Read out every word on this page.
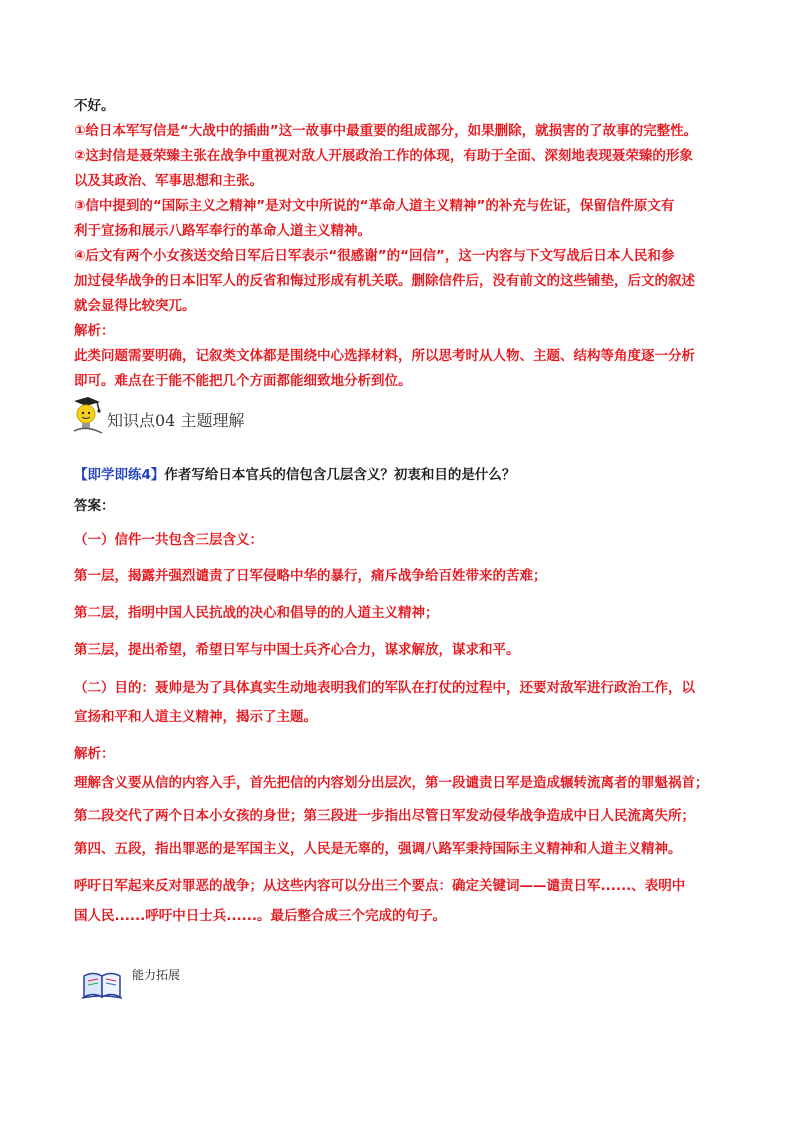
不好。
①给日本军写信是“大战中的插曲”这一故事中最重要的组成部分，如果删除，就损害的了故事的完整性。
②这封信是聂荣臻主张在战争中重视对敌人开展政治工作的体现，有助于全面、深刻地表现聂荣臻的形象
以及其政治、军事思想和主张。
③信中提到的“国际主义之精神”是对文中所说的“革命人道主义精神”的补充与佐证，保留信件原文有
利于宣扬和展示八路军奉行的革命人道主义精神。
④后文有两个小女孩送交给日军后日军表示“很感谢”的“回信”，这一内容与下文写战后日本人民和参
加过侵华战争的日本旧军人的反省和悔过形成有机关联。删除信件后，没有前文的这些铺垫，后文的叙述
就会显得比较突兀。
解析：
此类问题需要明确，记叙类文体都是围绕中心选择材料，所以思考时从人物、主题、结构等角度逐一分析
即可。难点在于能不能把几个方面都能细致地分析到位。
知识点04 主题理解
【即学即练4】作者写给日本官兵的信包含几层含义？初衷和目的是什么？
答案：
（一）信件一共包含三层含义：
第一层，揭露并强烈谴责了日军侵略中华的暴行，痛斥战争给百姓带来的苦难；
第二层，指明中国人民抗战的决心和倡导的的人道主义精神；
第三层，提出希望，希望日军与中国士兵齐心合力，谋求解放，谋求和平。
（二）目的：聂帅是为了具体真实生动地表明我们的军队在打仗的过程中，还要对敌军进行政治工作，以
宣扬和平和人道主义精神，揭示了主题。
解析：
理解含义要从信的内容入手，首先把信的内容划分出层次，第一段谴责日军是造成辗转流离者的罪魁祸首；
第二段交代了两个日本小女孩的身世；第三段进一步指出尽管日军发动侵华战争造成中日人民流离失所；
第四、五段，指出罪恶的是军国主义，人民是无辜的，强调八路军秉持国际主义精神和人道主义精神。
呼吁日军起来反对罪恶的战争；从这些内容可以分出三个要点：确定关键词——谴责日军......、表明中
国人民......呼吁中日士兵......。最后整合成三个完成的句子。
能力拓展
